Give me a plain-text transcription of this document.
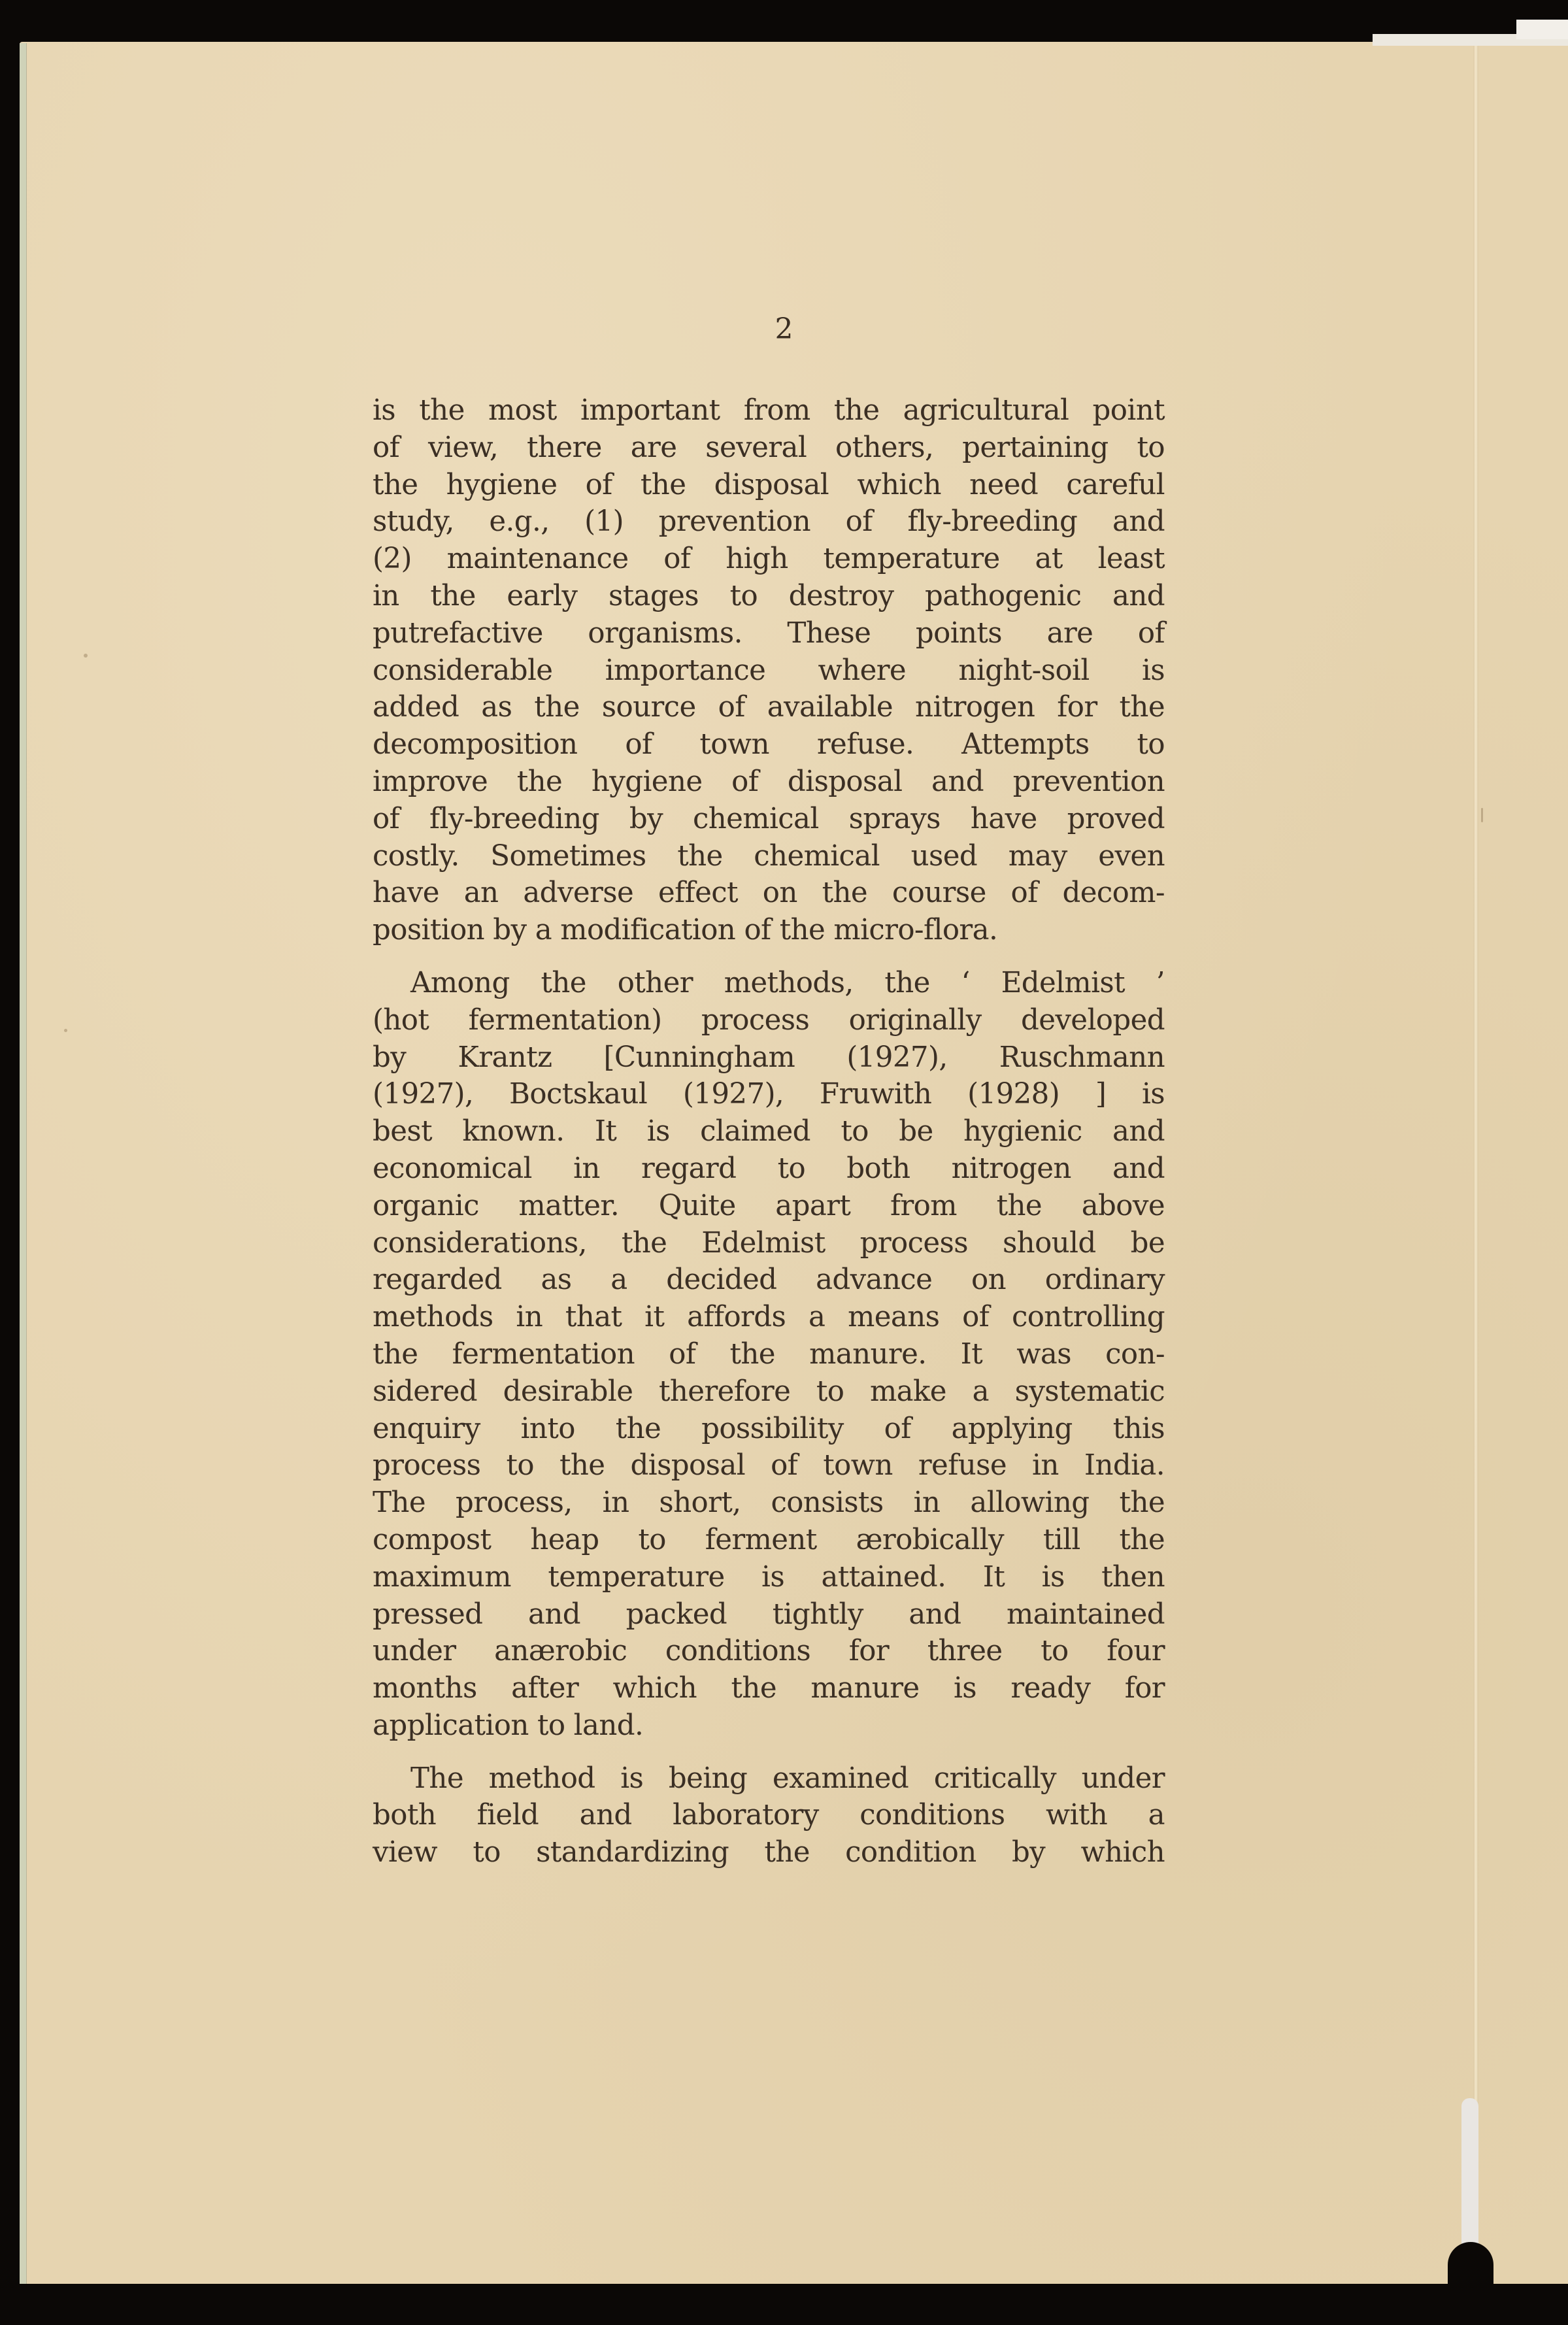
2

is the most important from the agricultural point
of view, there are several others, pertaining to
the hygiene of the disposal which need careful
study, e.g., (1) prevention of fly-breeding and
(2) maintenance of high temperature at least
in the early stages to destroy pathogenic and
putrefactive organisms. These points are of
considerable importance where night-soil is
added as the source of available nitrogen for the
decomposition of town refuse. Attempts to
improve the hygiene of disposal and prevention
of fly-breeding by chemical sprays have proved
costly. Sometimes the chemical used may even
have an adverse effect on the course of decom-
position by a modification of the micro-flora.

Among the other methods, the ‘ Edelmist ’
(hot fermentation) process originally developed
by Krantz [Cunningham (1927), Ruschmann
(1927), Boctskaul (1927), Fruwith (1928) ] is
best known. It is claimed to be hygienic and
economical in regard to both nitrogen and
organic matter. Quite apart from the above
considerations, the Edelmist process should be
regarded as a decided advance on ordinary
methods in that it affords a means of controlling
the fermentation of the manure. It was con-
sidered desirable therefore to make a systematic
enquiry into the possibility of applying this
process to the disposal of town refuse in India.
The process, in short, consists in allowing the
compost heap to ferment ærobically till the
maximum temperature is attained. It is then
pressed and packed tightly and maintained
under anærobic conditions for three to four
months after which the manure is ready for
application to land.

The method is being examined critically under
both field and laboratory conditions with a
view to standardizing the condition by which
